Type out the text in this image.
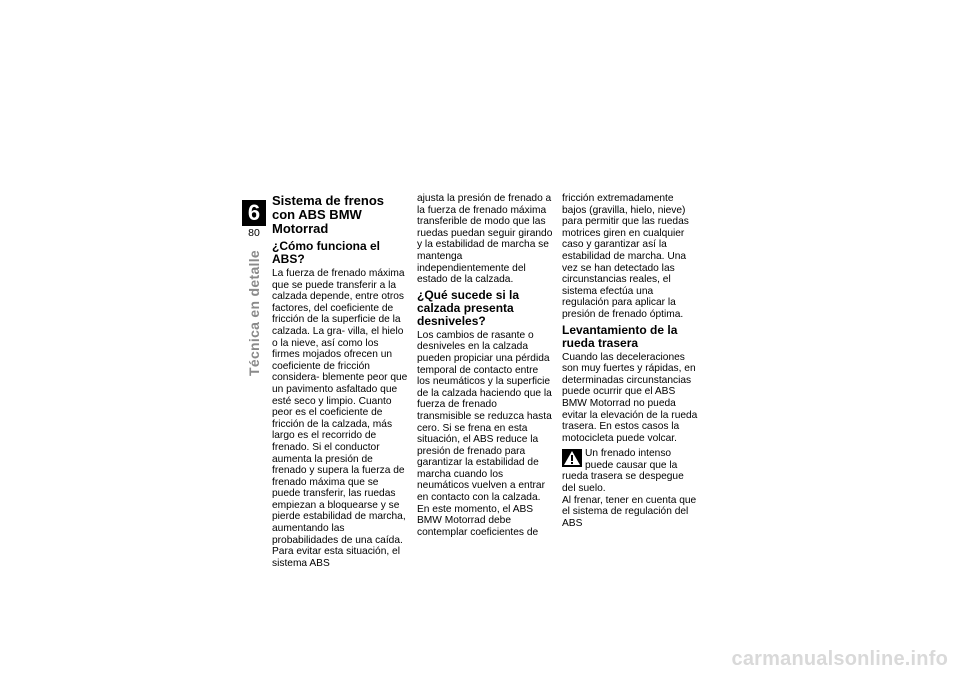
6
80
Técnica en detalle
Sistema de frenos con ABS BMW Motorrad
¿Cómo funciona el ABS?

La fuerza de frenado máxima que se puede transferir a la calzada depende, entre otros factores, del coeficiente de fricción de la superficie de la calzada. La gra- villa, el hielo o la nieve, así como los firmes mojados ofrecen un coeficiente de fricción considera- blemente peor que un pavimento asfaltado que esté seco y limpio. Cuanto peor es el coeficiente de fricción de la calzada, más largo es el recorrido de frenado. Si el conductor aumenta la presión de frenado y supera la fuerza de frenado máxima que se puede transferir, las ruedas empiezan a bloquearse y se pierde estabilidad de marcha, aumentando las probabilidades de una caída. Para evitar esta situación, el sistema ABS

ajusta la presión de frenado a la fuerza de frenado máxima transferible de modo que las ruedas puedan seguir girando y la estabilidad de marcha se mantenga independientemente del estado de la calzada.

¿Qué sucede si la calzada presenta desniveles?

Los cambios de rasante o desniveles en la calzada pueden propiciar una pérdida temporal de contacto entre los neumáticos y la superficie de la calzada haciendo que la fuerza de frenado transmisible se reduzca hasta cero. Si se frena en esta situación, el ABS reduce la presión de frenado para garantizar la estabilidad de marcha cuando los neumáticos vuelven a entrar en contacto con la calzada. En este momento, el ABS BMW Motorrad debe contemplar coeficientes de

fricción extremadamente bajos (gravilla, hielo, nieve) para permitir que las ruedas motrices giren en cualquier caso y garantizar así la estabilidad de marcha. Una vez se han detectado las circunstancias reales, el sistema efectúa una regulación para aplicar la presión de frenado óptima.

Levantamiento de la rueda trasera

Cuando las deceleraciones son muy fuertes y rápidas, en determinadas circunstancias puede ocurrir que el ABS BMW Motorrad no pueda evitar la elevación de la rueda trasera. En estos casos la motocicleta puede volcar.

Un frenado intenso puede causar que la rueda trasera se despegue del suelo.

Al frenar, tener en cuenta que el sistema de regulación del ABS

carmanualsonline.info
